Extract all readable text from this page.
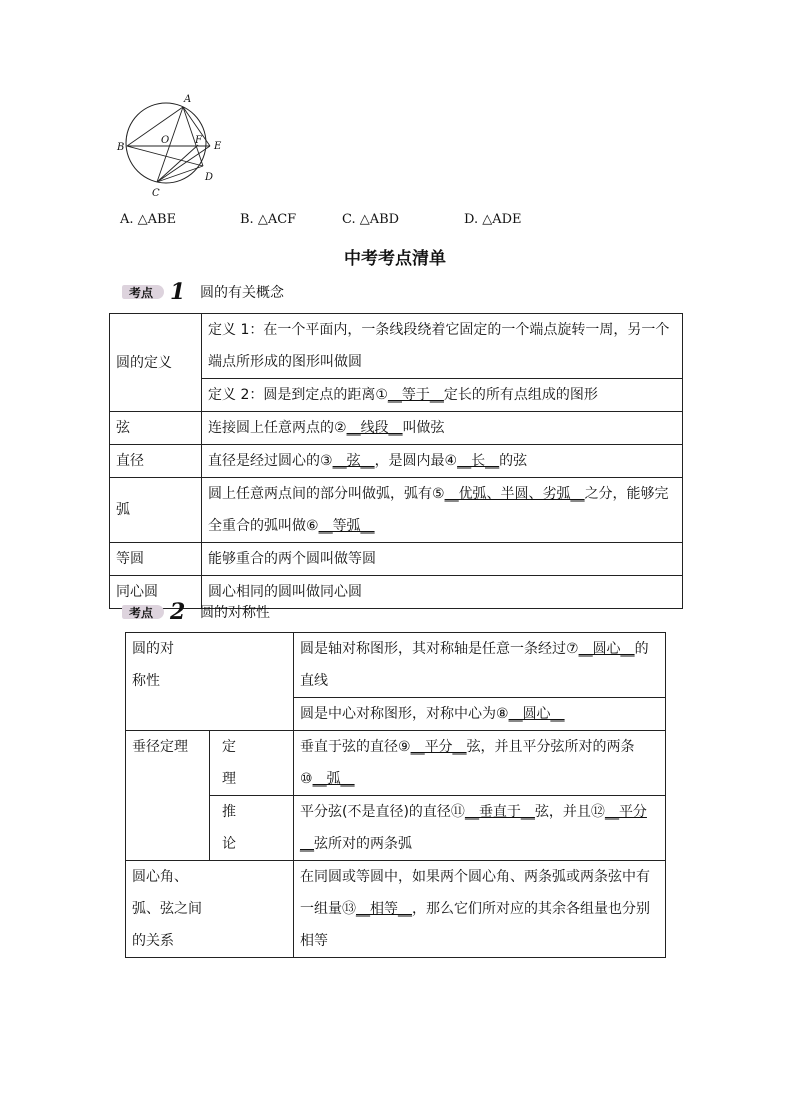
A
B
O	F
E
D
C
A. △ABE	B. △ACF	C. △ABD	D. △ADE
中考考点清单
考点 1	圆的有关概念
圆的定义	定义 1：在一个平面内，一条线段绕着它固定的一个端点旋转一周，另一个端点所形成的图形叫做圆
	定义 2：圆是到定点的距离①__等于__定长的所有点组成的图形
弦	连接圆上任意两点的②__线段__叫做弦
直径	直径是经过圆心的③__弦__，是圆内最④__长__的弦
弧	圆上任意两点间的部分叫做弧，弧有⑤__优弧、半圆、劣弧__之分，能够完全重合的弧叫做⑥__等弧__
等圆	能够重合的两个圆叫做等圆
同心圆	圆心相同的圆叫做同心圆
考点 2	圆的对称性
圆的对称性		圆是轴对称图形，其对称轴是任意一条经过⑦__圆心__的直线
		圆是中心对称图形，对称中心为⑧__圆心__
垂径定理	定理	垂直于弦的直径⑨__平分__弦，并且平分弦所对的两条⑩__弧__

	推论	平分弦(不是直径)的直径⑪__垂直于__弦，并且⑫__平分__弦所对的两条弧

圆心角、弧、弦之间的关系		在同圆或等圆中，如果两个圆心角、两条弧或两条弦中有一组量⑬__相等__，那么它们所对应的其余各组量也分别相等
